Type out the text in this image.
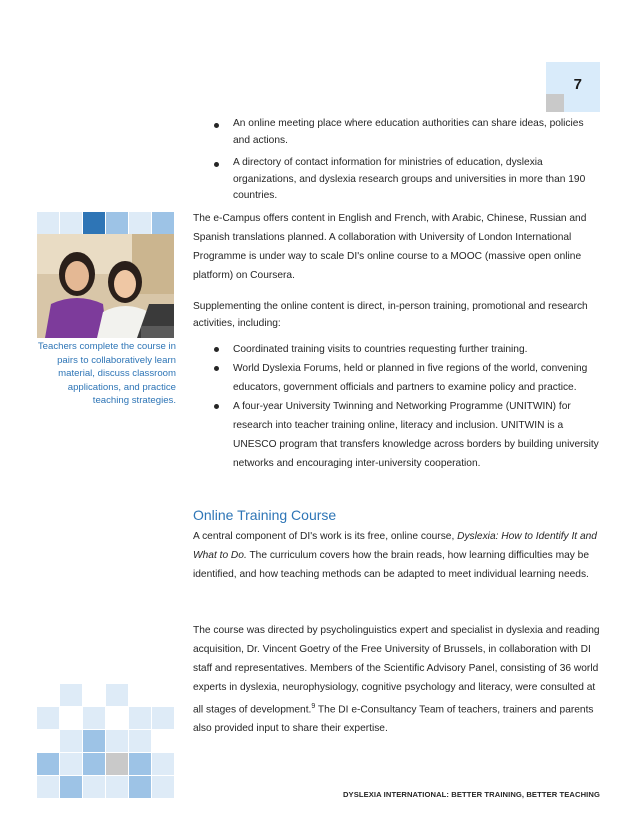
7
Teachers complete the course in pairs to collaboratively learn material, discuss classroom applications, and practice teaching strategies.
An online meeting place where education authorities can share ideas, policies and actions.
A directory of contact information for ministries of education, dyslexia organizations, and dyslexia research groups and universities in more than 190 countries.

The e-Campus offers content in English and French, with Arabic, Chinese, Russian and Spanish translations planned. A collaboration with University of London International Programme is under way to scale DI's online course to a MOOC (massive open online platform) on Coursera.

Supplementing the online content is direct, in-person training, promotional and research activities, including:

Coordinated training visits to countries requesting further training.
World Dyslexia Forums, held or planned in five regions of the world, convening educators, government officials and partners to examine policy and practice.
A four-year University Twinning and Networking Programme (UNITWIN) for research into teacher training online, literacy and inclusion. UNITWIN is a UNESCO program that transfers knowledge across borders by building university networks and encouraging inter-university cooperation.
Online Training Course

A central component of DI's work is its free, online course, Dyslexia: How to Identify It and What to Do. The curriculum covers how the brain reads, how learning difficulties may be identified, and how teaching methods can be adapted to meet individual learning needs.

The course was directed by psycholinguistics expert and specialist in dyslexia and reading acquisition, Dr. Vincent Goetry of the Free University of Brussels, in collaboration with DI staff and representatives. Members of the Scientific Advisory Panel, consisting of 36 world experts in dyslexia, neurophysiology, cognitive psychology and literacy, were consulted at all stages of development.$^9$ The DI e-Consultancy Team of teachers, trainers and parents also provided input to share their expertise.

DYSLEXIA INTERNATIONAL: BETTER TRAINING, BETTER TEACHING
